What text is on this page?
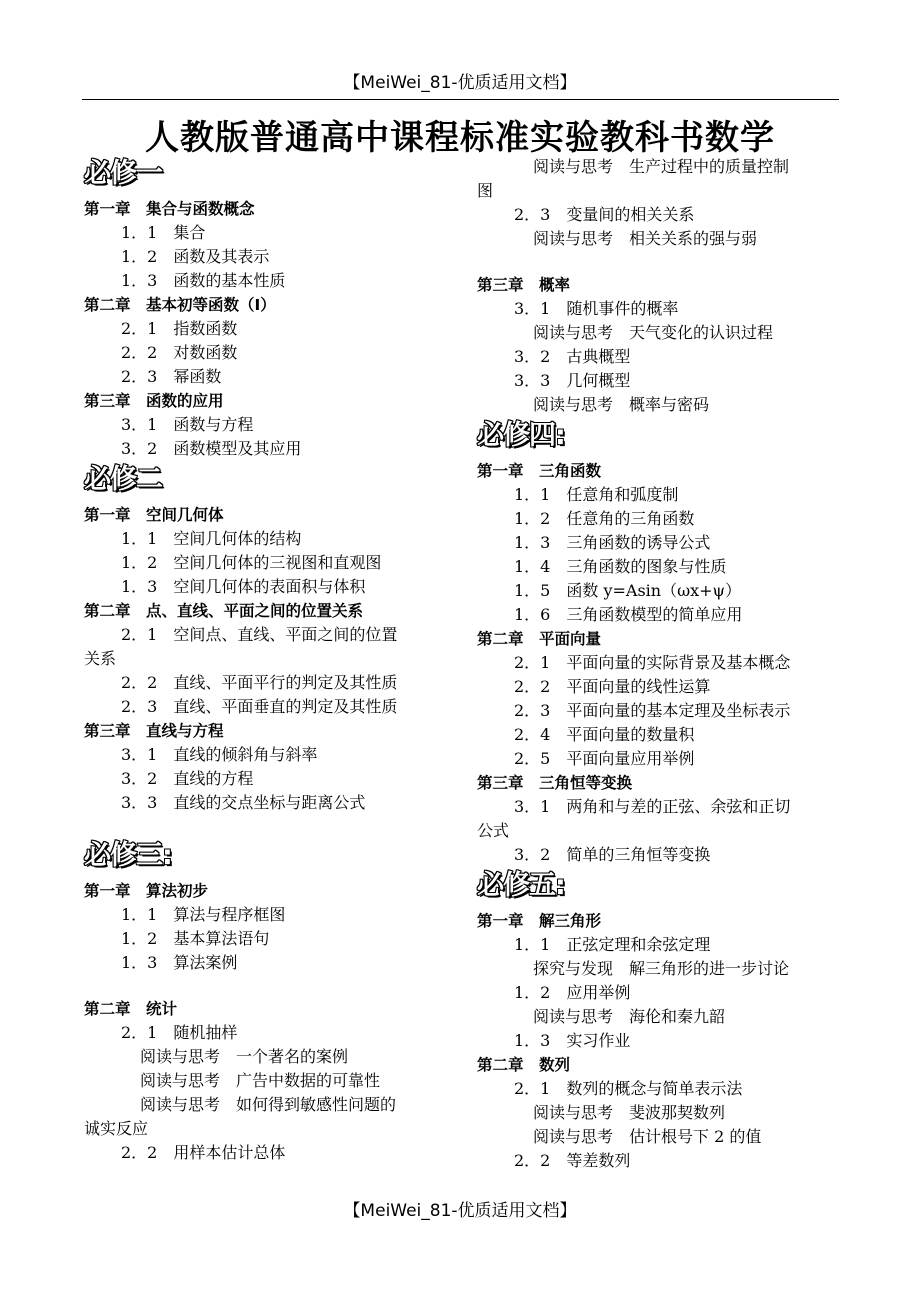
【MeiWei_81-优质适用文档】
人教版普通高中课程标准实验教科书数学
必修一
第一章　集合与函数概念
1．1　集合
1．2　函数及其表示
1．3　函数的基本性质
第二章　基本初等函数（Ⅰ）
2．1　指数函数
2．2　对数函数
2．3　幂函数
第三章　函数的应用
3．1　函数与方程
3．2　函数模型及其应用
必修二
第一章　空间几何体
1．1　空间几何体的结构
1．2　空间几何体的三视图和直观图
1．3　空间几何体的表面积与体积
第二章　点、直线、平面之间的位置关系
2．1　空间点、直线、平面之间的位置
关系
2．2　直线、平面平行的判定及其性质
2．3　直线、平面垂直的判定及其性质
第三章　直线与方程
3．1　直线的倾斜角与斜率
3．2　直线的方程
3．3　直线的交点坐标与距离公式
必修三:
第一章　算法初步
1．1　算法与程序框图
1．2　基本算法语句
1．3　算法案例
第二章　统计
2．1　随机抽样
阅读与思考　一个著名的案例
阅读与思考　广告中数据的可靠性
阅读与思考　如何得到敏感性问题的
诚实反应
2．2　用样本估计总体
阅读与思考　生产过程中的质量控制
图
2．3　变量间的相关关系
阅读与思考　相关关系的强与弱
第三章　概率
3．1　随机事件的概率
阅读与思考　天气变化的认识过程
3．2　古典概型
3．3　几何概型
阅读与思考　概率与密码
必修四:
第一章　三角函数
1．1　任意角和弧度制
1．2　任意角的三角函数
1．3　三角函数的诱导公式
1．4　三角函数的图象与性质
1．5　函数 y=Asin（ωx+ψ）
1．6　三角函数模型的简单应用
第二章　平面向量
2．1　平面向量的实际背景及基本概念
2．2　平面向量的线性运算
2．3　平面向量的基本定理及坐标表示
2．4　平面向量的数量积
2．5　平面向量应用举例
第三章　三角恒等变换
3．1　两角和与差的正弦、余弦和正切
公式
3．2　简单的三角恒等变换
必修五:
第一章　解三角形
1．1　正弦定理和余弦定理
探究与发现　解三角形的进一步讨论
1．2　应用举例
阅读与思考　海伦和秦九韶
1．3　实习作业
第二章　数列
2．1　数列的概念与简单表示法
阅读与思考　斐波那契数列
阅读与思考　估计根号下 2 的值
2．2　等差数列
【MeiWei_81-优质适用文档】
